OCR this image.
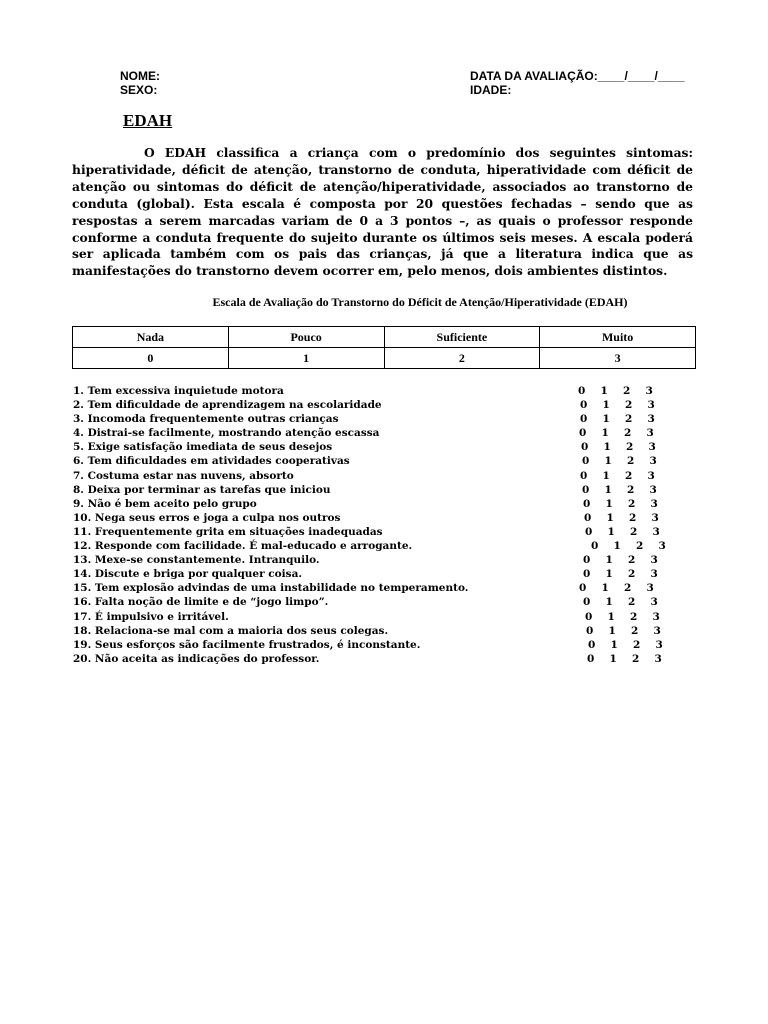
NOME:
SEXO:
DATA DA AVALIAÇÃO:____/____/____
IDADE:
EDAH

O EDAH classifica a criança com o predomínio dos seguintes sintomas: hiperatividade, déficit de atenção, transtorno de conduta, hiperatividade com déficit de atenção ou sintomas do déficit de atenção/hiperatividade, associados ao transtorno de conduta (global). Esta escala é composta por 20 questões fechadas – sendo que as respostas a serem marcadas variam de 0 a 3 pontos –, as quais o professor responde conforme a conduta frequente do sujeito durante os últimos seis meses. A escala poderá ser aplicada também com os pais das crianças, já que a literatura indica que as manifestações do transtorno devem ocorrer em, pelo menos, dois ambientes distintos.

Escala de Avaliação do Transtorno do Déficit de Atenção/Hiperatividade (EDAH)
Nada	Pouco	Suficiente	Muito
0	1	2	3
1. Tem excessiva inquietude motora	0 1 2 3
2. Tem dificuldade de aprendizagem na escolaridade	0 1 2 3
3. Incomoda frequentemente outras crianças	0 1 2 3
4. Distrai-se facilmente, mostrando atenção escassa	0 1 2 3
5. Exige satisfação imediata de seus desejos	0 1 2 3
6. Tem dificuldades em atividades cooperativas	0 1 2 3
7. Costuma estar nas nuvens, absorto	0 1 2 3
8. Deixa por terminar as tarefas que iniciou	0 1 2 3
9. Não é bem aceito pelo grupo	0 1 2 3
10. Nega seus erros e joga a culpa nos outros	0 1 2 3
11. Frequentemente grita em situações inadequadas	0 1 2 3
12. Responde com facilidade. É mal-educado e arrogante.	0 1 2 3
13. Mexe-se constantemente. Intranquilo.	0 1 2 3
14. Discute e briga por qualquer coisa.	0 1 2 3
15. Tem explosão advindas de uma instabilidade no temperamento.	0 1 2 3
16. Falta noção de limite e de “jogo limpo”.	0 1 2 3
17. É impulsivo e irritável.	0 1 2 3
18. Relaciona-se mal com a maioria dos seus colegas.	0 1 2 3
19. Seus esforços são facilmente frustrados, é inconstante.	0 1 2 3
20. Não aceita as indicações do professor.	0 1 2 3
